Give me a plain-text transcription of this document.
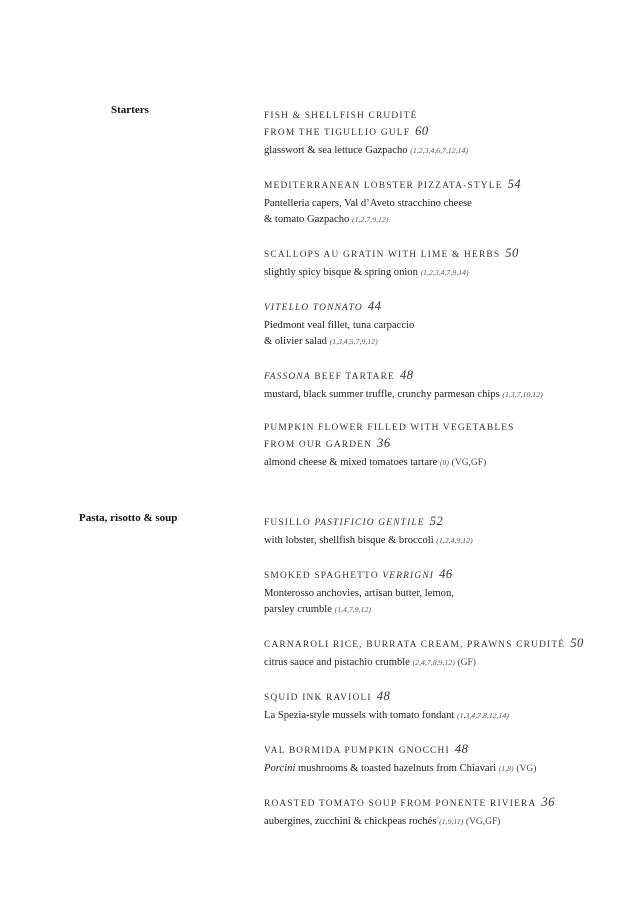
Starters	FISH & SHELLFISH CRUDITÉ
FROM THE TIGULLIO GULF 60
glasswort & sea lettuce Gazpacho (1,2,3,4,6,7,12,14)
MEDITERRANEAN LOBSTER PIZZATA-STYLE 54
Pantelleria capers, Val d’Aveto stracchino cheese
& tomato Gazpacho (1,2,7,9,12)
SCALLOPS AU GRATIN WITH LIME & HERBS 50
slightly spicy bisque & spring onion (1,2,3,4,7,9,14)
VITELLO TONNATO 44
Piedmont veal fillet, tuna carpaccio
& olivier salad (1,3,4,5,7,9,12)
FASSONA BEEF TARTARE 48
mustard, black summer truffle, crunchy parmesan chips (1,3,7,10,12)
PUMPKIN FLOWER FILLED WITH VEGETABLES
FROM OUR GARDEN 36
almond cheese & mixed tomatoes tartare (8) (VG,GF)
Pasta, risotto & soup	FUSILLO PASTIFICIO GENTILE 52
with lobster, shellfish bisque & broccoli (1,2,4,9,12)
SMOKED SPAGHETTO VERRIGNI 46
Monterosso anchovies, artisan butter, lemon,
parsley crumble (1,4,7,9,12)
CARNAROLI RICE, BURRATA CREAM, PRAWNS CRUDITÉ 50
citrus sauce and pistachio crumble (2,4,7,8,9,12) (GF)
SQUID INK RAVIOLI 48
La Spezia-style mussels with tomato fondant (1,3,4,7,8,12,14)
VAL BORMIDA PUMPKIN GNOCCHI 48
Porcini mushrooms & toasted hazelnuts from Chiavari (1,8) (VG)
ROASTED TOMATO SOUP FROM PONENTE RIVIERA 36
aubergines, zucchini & chickpeas rochés (1,9,11) (VG,GF)
